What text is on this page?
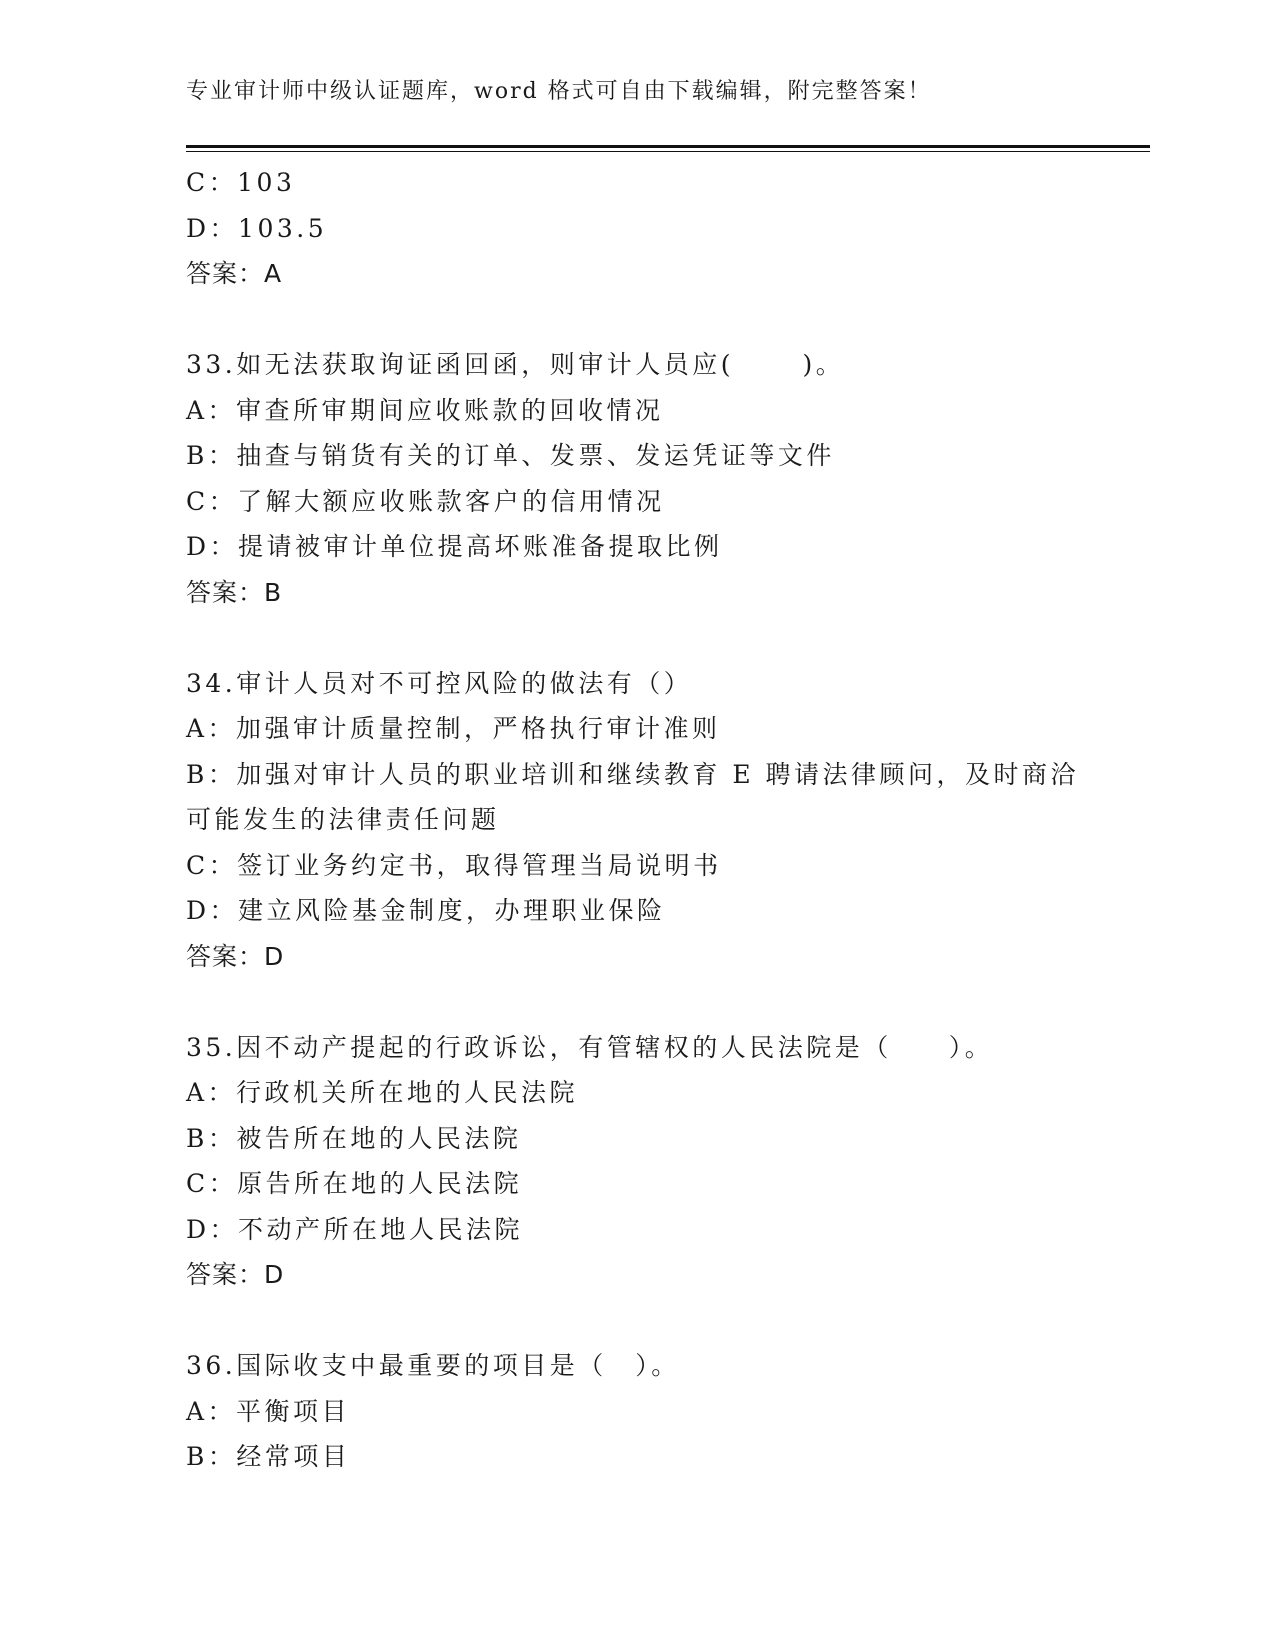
专业审计师中级认证题库，word 格式可自由下载编辑，附完整答案！
C：103
D：103.5
答案：A
33.如无法获取询证函回函，则审计人员应(　　 )。
A：审查所审期间应收账款的回收情况
B：抽查与销货有关的订单、发票、发运凭证等文件
C：了解大额应收账款客户的信用情况
D：提请被审计单位提高坏账准备提取比例
答案：B
34.审计人员对不可控风险的做法有（）
A：加强审计质量控制，严格执行审计准则
B：加强对审计人员的职业培训和继续教育 E 聘请法律顾问，及时商洽
可能发生的法律责任问题
C：签订业务约定书，取得管理当局说明书
D：建立风险基金制度，办理职业保险
答案：D
35.因不动产提起的行政诉讼，有管辖权的人民法院是（　　）。
A：行政机关所在地的人民法院
B：被告所在地的人民法院
C：原告所在地的人民法院
D：不动产所在地人民法院
答案：D
36.国际收支中最重要的项目是（　）。
A：平衡项目
B：经常项目
